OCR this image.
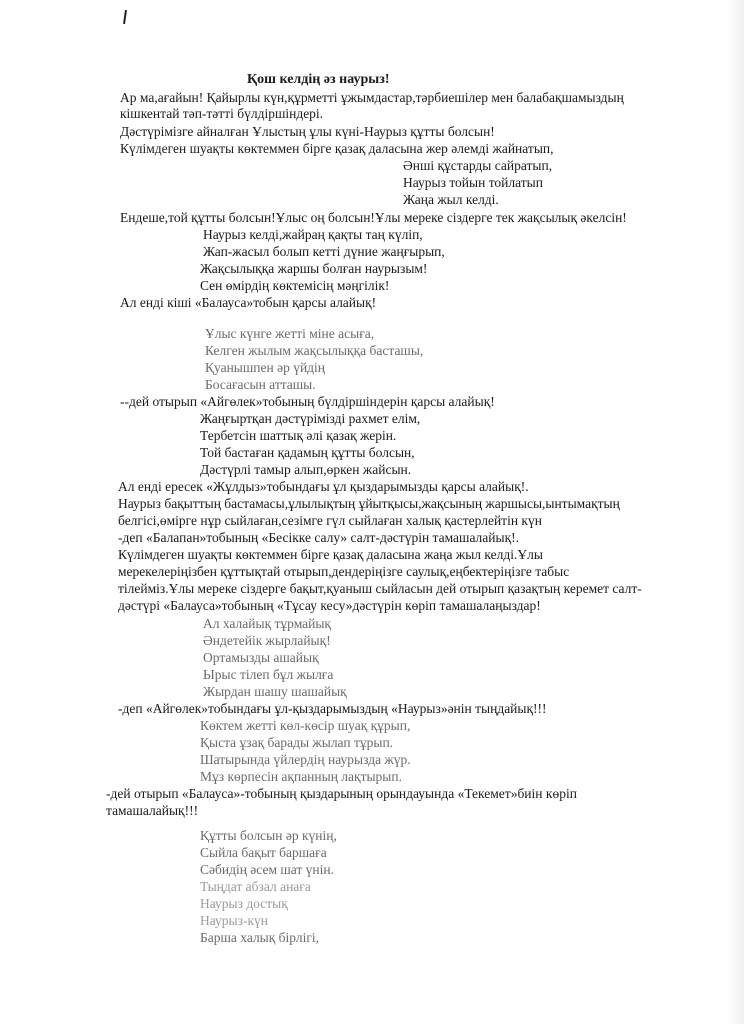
Қош келдің әз наурыз!
Ар ма,ағайын! Қайырлы күн,құрметті ұжымдастар,тәрбиешілер мен балабақшамыздың
кішкентай тәп-тәтті бүлдіршіндері.
Дәстүрімізге айналған Ұлыстың ұлы күні-Наурыз құтты болсын!
Күлімдеген шуақты көктеммен бірге қазақ даласына жер әлемді жайнатып,
Әнші құстарды сайратып,
Наурыз тойын тойлатып
Жаңа жыл келді.
Ендеше,той құтты болсын!Ұлыс оң болсын!Ұлы мереке сіздерге тек жақсылық әкелсін!
Наурыз келді,жайраң қақты таң күліп,
Жап-жасыл болып кетті дүние жаңғырып,
Жақсылыққа жаршы болған наурызым!
Сен өмірдің көктемісің мәңгілік!
Ал енді кіші «Балауса»тобын қарсы алайық!
Ұлыс күнге жетті міне асыға,
Келген жылым жақсылыққа басташы,
Қуанышпен әр үйдің
Босағасын атташы.
--дей отырып «Айгөлек»тобының бүлдіршіндерін қарсы алайық!
Жаңғыртқан дәстүрімізді рахмет елім,
Тербетсін шаттық әлі қазақ жерін.
Той бастаған қадамың құтты болсын,
Дәстүрлі тамыр алып,өркен жайсын.
Ал енді ересек «Жұлдыз»тобындағы ұл қыздарымызды қарсы алайық!.
Наурыз бақыттың бастамасы,ұлылықтың ұйытқысы,жақсының жаршысы,ынтымақтың
белгісі,өмірге нұр сыйлаған,сезімге гүл сыйлаған халық қастерлейтін күн
-деп «Балапан»тобының «Бесікке салу» салт-дәстүрін тамашалайық!.
Күлімдеген шуақты көктеммен бірге қазақ даласына жаңа жыл келді.Ұлы
мерекелеріңізбен құттықтай отырып,дендеріңізге саулық,еңбектеріңізге табыс
тілейміз.Ұлы мереке сіздерге бақыт,қуаныш сыйласын дей отырып қазақтың керемет салт-
дәстүрі «Балауса»тобының «Тұсау кесу»дәстүрін көріп тамашалаңыздар!
Ал халайық тұрмайық
Әндетейік жырлайық!
Ортамызды ашайық
Ырыс тілеп бұл жылға
Жырдан шашу шашайық
-деп «Айгөлек»тобындағы ұл-қыздарымыздың «Наурыз»әнін тыңдайық!!!
Көктем жетті көл-көсір шуақ құрып,
Қыста ұзақ барады жылап тұрып.
Шатырында үйлердің наурызда жүр.
Мұз көрпесін ақпанның лақтырып.
-дей отырып «Балауса»-тобының қыздарының орындауында «Текемет»биін көріп
тамашалайық!!!
Құтты болсын әр күнің,
Сыйла бақыт баршаға
Сәбидің әсем шат үнін.
Тыңдат абзал анаға
Наурыз достық
Наурыз-күн
Барша халық бірлігі,
